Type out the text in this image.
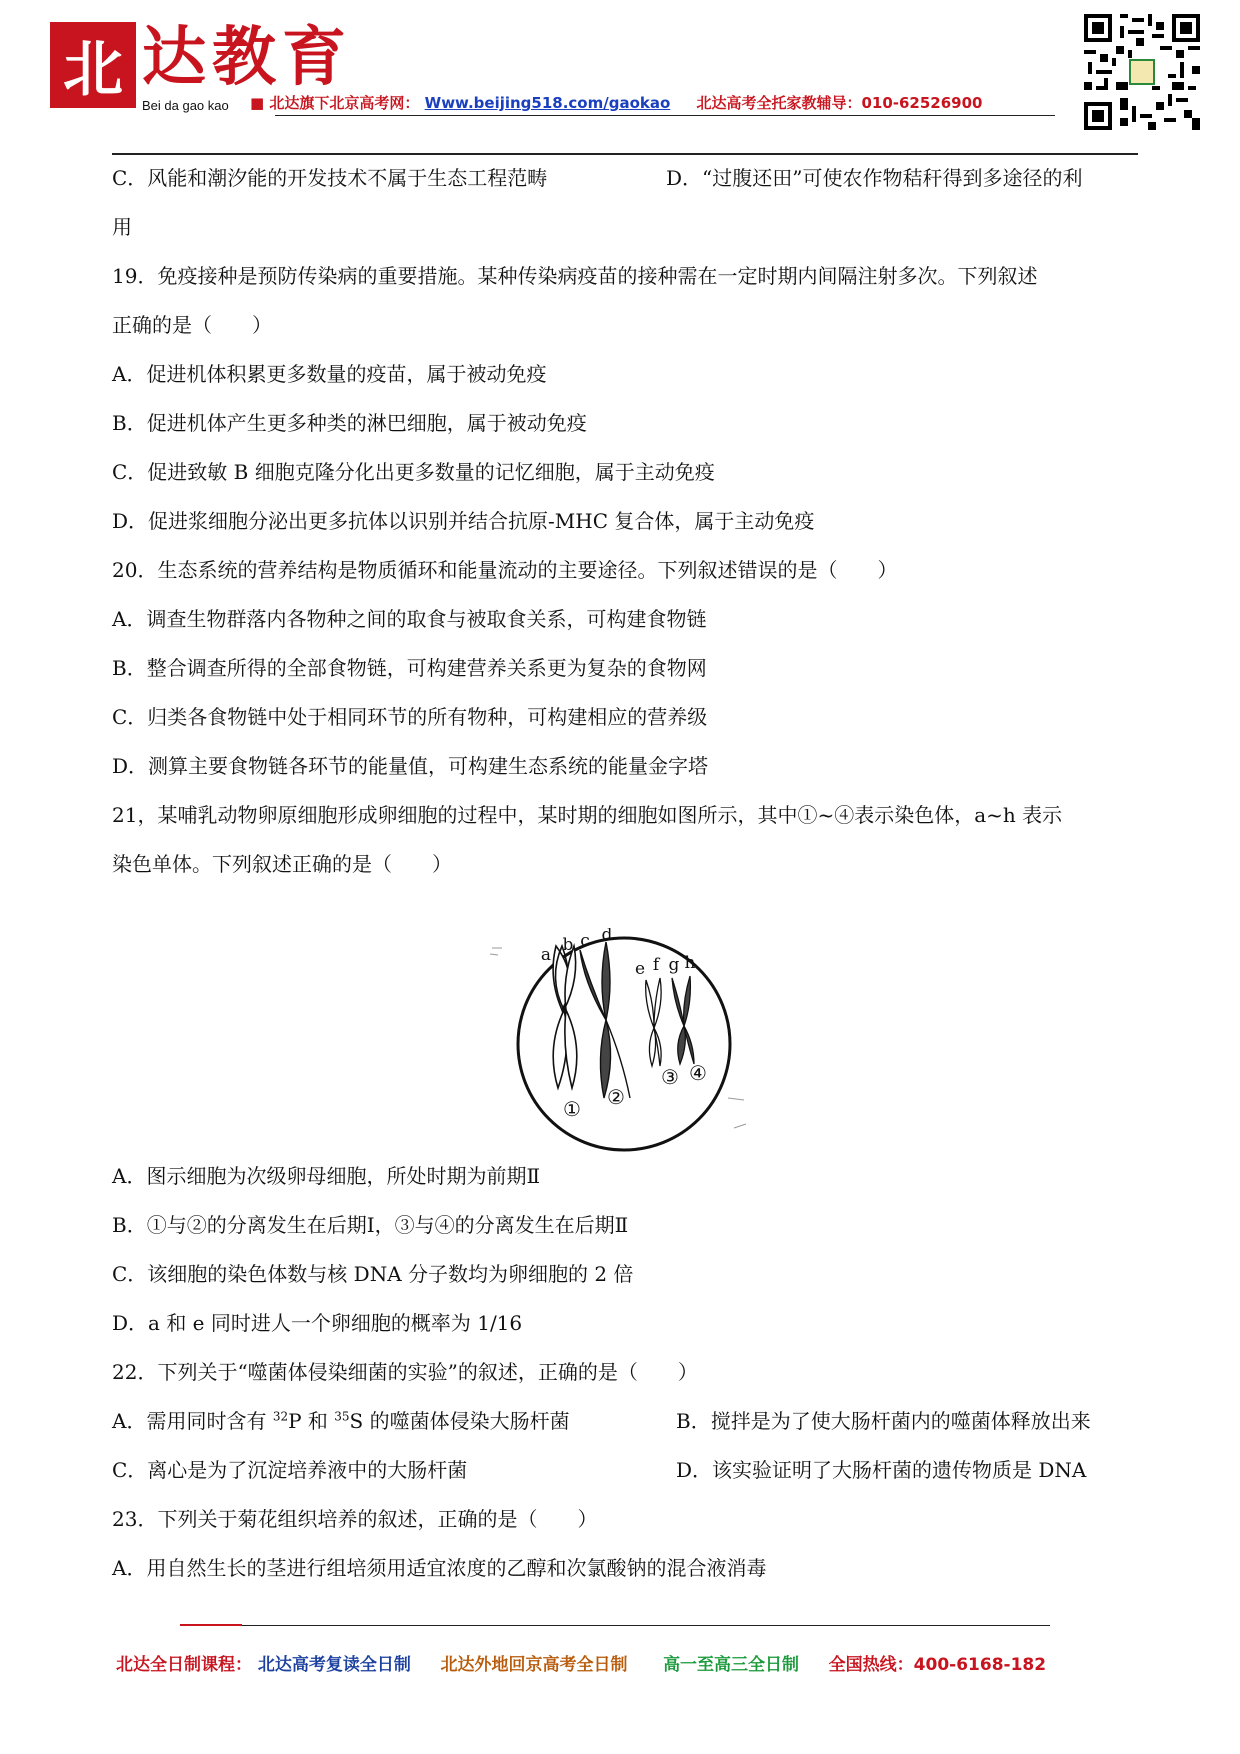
北 达教育
Bei da gao kao ■ 北达旗下北京高考网： Www.beijing518.com/gaokao 北达高考全托家教辅导：010-62526900
C．风能和潮汐能的开发技术不属于生态工程范畴	D．“过腹还田”可使农作物秸秆得到多途径的利
用
19．免疫接种是预防传染病的重要措施。某种传染病疫苗的接种需在一定时期内间隔注射多次。下列叙述
正确的是（　　）
A．促进机体积累更多数量的疫苗，属于被动免疫
B．促进机体产生更多种类的淋巴细胞，属于被动免疫
C．促进致敏 B 细胞克隆分化出更多数量的记忆细胞，属于主动免疫
D．促进浆细胞分泌出更多抗体以识别并结合抗原-MHC 复合体，属于主动免疫
20．生态系统的营养结构是物质循环和能量流动的主要途径。下列叙述错误的是（　　）
A．调查生物群落内各物种之间的取食与被取食关系，可构建食物链
B．整合调查所得的全部食物链，可构建营养关系更为复杂的食物网
C．归类各食物链中处于相同环节的所有物种，可构建相应的营养级
D．测算主要食物链各环节的能量值，可构建生态系统的能量金字塔
21，某哺乳动物卵原细胞形成卵细胞的过程中，某时期的细胞如图所示，其中①~④表示染色体，a~h 表示
染色单体。下列叙述正确的是（　　）
a b c d
e f g h
① ②
③ ④
A．图示细胞为次级卵母细胞，所处时期为前期Ⅱ
B．①与②的分离发生在后期Ⅰ，③与④的分离发生在后期Ⅱ
C．该细胞的染色体数与核 DNA 分子数均为卵细胞的 2 倍
D．a 和 e 同时进人一个卵细胞的概率为 1/16
22．下列关于“噬菌体侵染细菌的实验”的叙述，正确的是（　　）
A．需用同时含有 $^{32}$P 和 $^{35}$S 的噬菌体侵染大肠杆菌	B．搅拌是为了使大肠杆菌内的噬菌体释放出来
C．离心是为了沉淀培养液中的大肠杆菌	D．该实验证明了大肠杆菌的遗传物质是 DNA
23．下列关于菊花组织培养的叙述，正确的是（　　）
A．用自然生长的茎进行组培须用适宜浓度的乙醇和次氯酸钠的混合液消毒
北达全日制课程： 北达高考复读全日制 北达外地回京高考全日制 高一至高三全日制 全国热线：400-6168-182
